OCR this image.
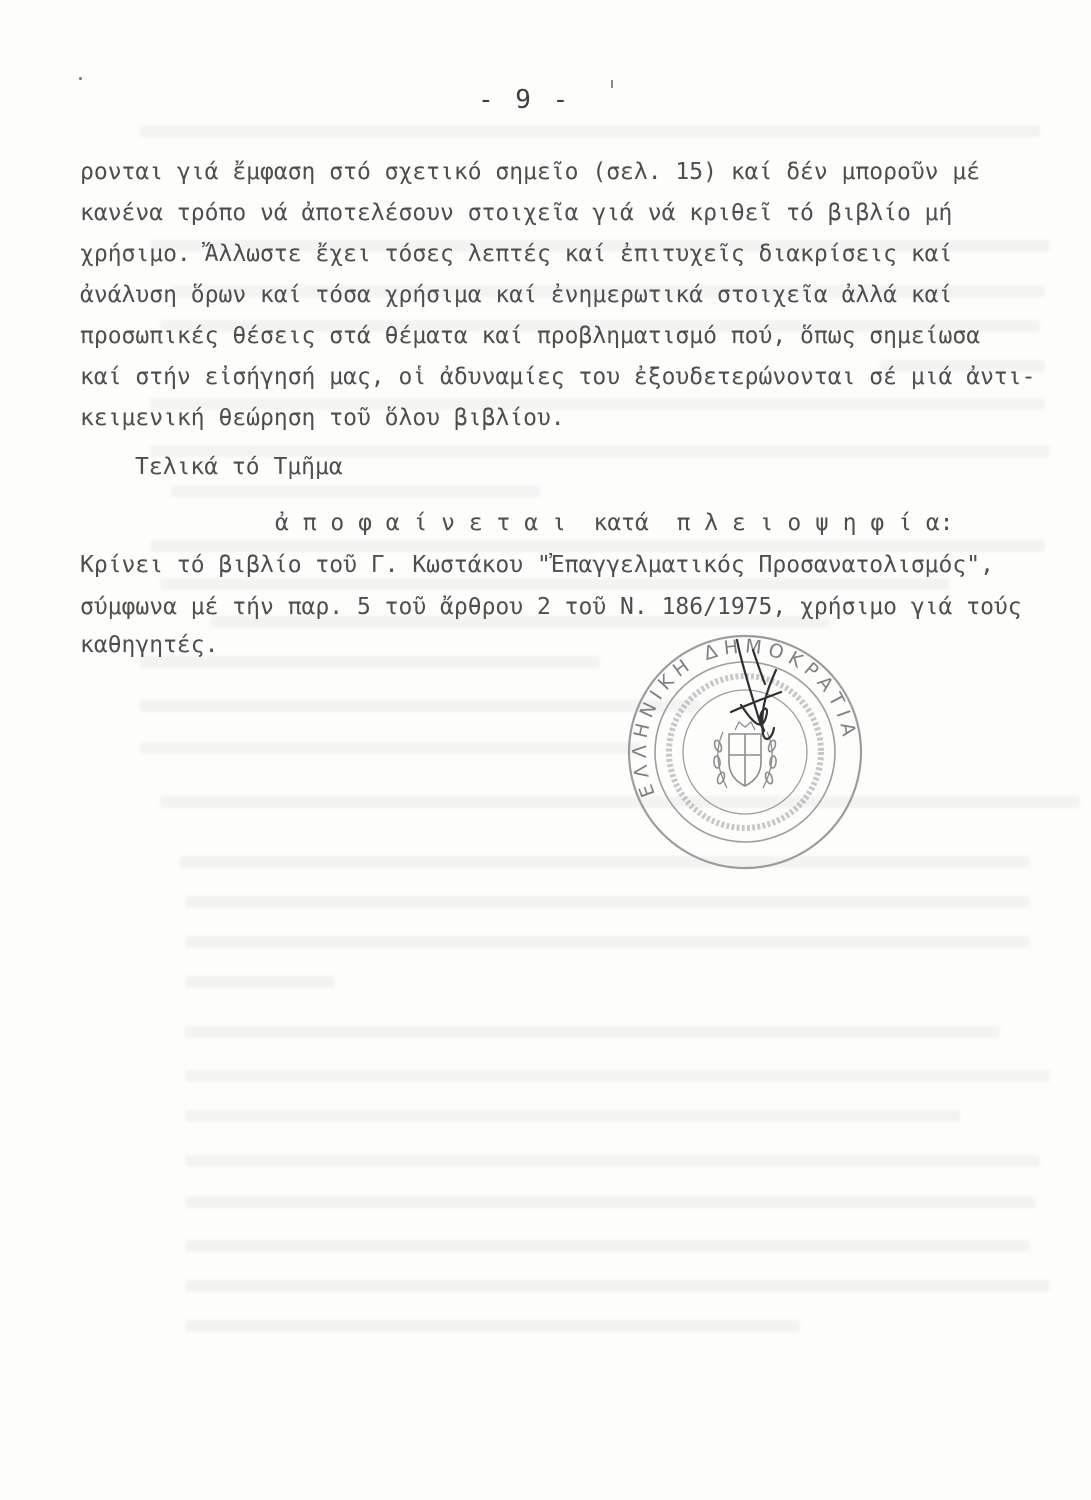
- 9 -
ρονται γιά ἔμφαση στό σχετικό σημεῖο (σελ. 15) καί δέν μποροῦν μέ
κανένα τρόπο νά ἀποτελέσουν στοιχεῖα γιά νά κριθεῖ τό βιβλίο μή
χρήσιμο. Ἄλλωστε ἔχει τόσες λεπτές καί ἐπιτυχεῖς διακρίσεις καί
ἀνάλυση ὅρων καί τόσα χρήσιμα καί ἐνημερωτικά στοιχεῖα ἀλλά καί
προσωπικές θέσεις στά θέματα καί προβληματισμό πού, ὅπως σημείωσα
καί στήν εἰσήγησή μας, οἱ ἀδυναμίες του ἐξουδετερώνονται σέ μιά ἀντι-
κειμενική θεώρηση τοῦ ὅλου βιβλίου.
Τελικά τό Τμῆμα
ἀ π ο φ α ί ν ε τ α ι  κατά  π λ ε ι ο ψ η φ ί α:
Κρίνει τό βιβλίο τοῦ Γ. Κωστάκου "Ἐπαγγελματικός Προσανατολισμός",
σύμφωνα μέ τήν παρ. 5 τοῦ ἄρθρου 2 τοῦ Ν. 186/1975, χρήσιμο γιά τούς
καθηγητές.
ΕΛΛΗΝΙΚΗ ΔΗΜΟΚΡΑΤΙΑ
